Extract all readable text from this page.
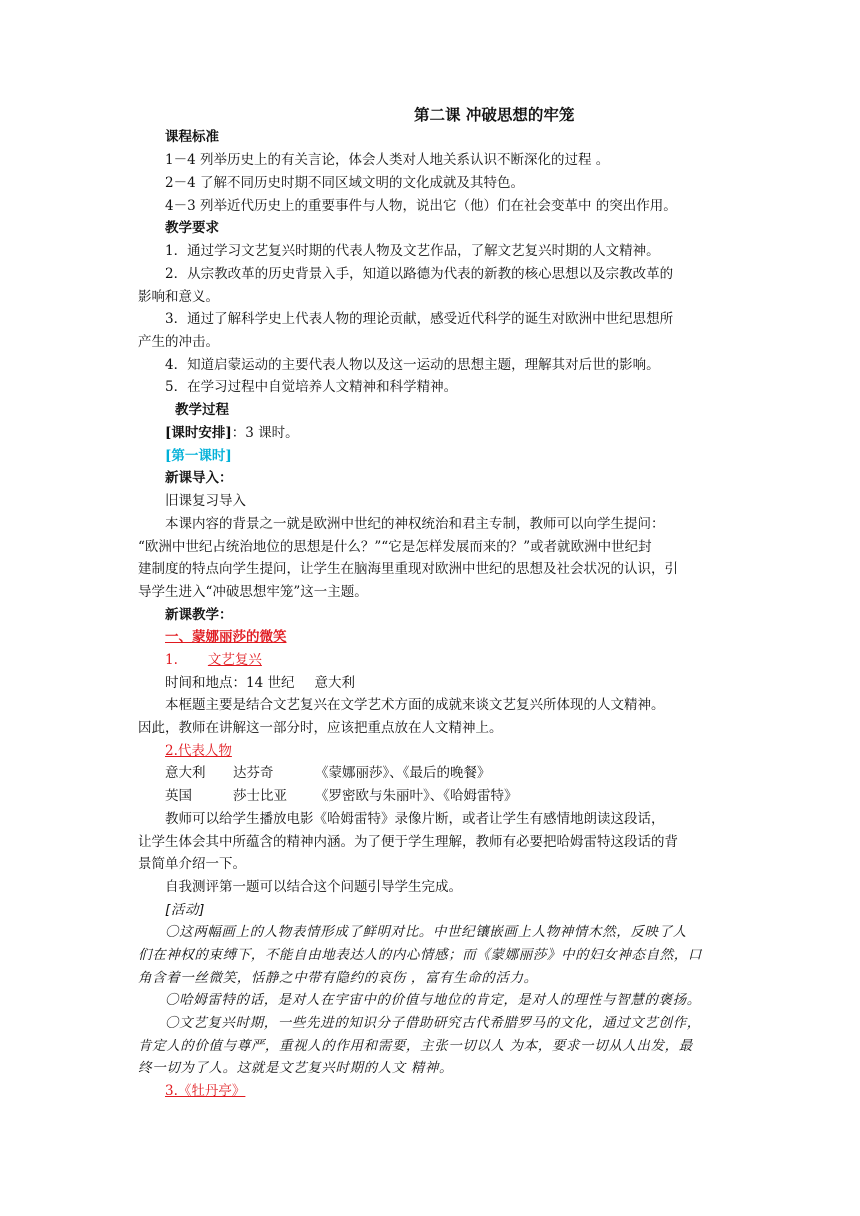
第二课 冲破思想的牢笼
课程标准
1－4 列举历史上的有关言论，体会人类对人地关系认识不断深化的过程 。
2－4 了解不同历史时期不同区域文明的文化成就及其特色。
4－3 列举近代历史上的重要事件与人物，说出它（他）们在社会变革中 的突出作用。
教学要求
1．通过学习文艺复兴时期的代表人物及文艺作品，了解文艺复兴时期的人文精神。
2．从宗教改革的历史背景入手，知道以路德为代表的新教的核心思想以及宗教改革的
影响和意义。
3．通过了解科学史上代表人物的理论贡献，感受近代科学的诞生对欧洲中世纪思想所
产生的冲击。
4．知道启蒙运动的主要代表人物以及这一运动的思想主题，理解其对后世的影响。
5．在学习过程中自觉培养人文精神和科学精神。
教学过程
[课时安排]：3 课时。
[第一课时]
新课导入：
旧课复习导入
本课内容的背景之一就是欧洲中世纪的神权统治和君主专制，教师可以向学生提问：
“欧洲中世纪占统治地位的思想是什么？”“它是怎样发展而来的？”或者就欧洲中世纪封
建制度的特点向学生提问，让学生在脑海里重现对欧洲中世纪的思想及社会状况的认识，引
导学生进入“冲破思想牢笼”这一主题。
新课教学：
一、蒙娜丽莎的微笑
1. 文艺复兴
时间和地点：14 世纪 意大利
本框题主要是结合文艺复兴在文学艺术方面的成就来谈文艺复兴所体现的人文精神。
因此，教师在讲解这一部分时，应该把重点放在人文精神上。
2.代表人物
意大利 达芬奇	《蒙娜丽莎》、《最后的晚餐》
英国	莎士比亚 《罗密欧与朱丽叶》、《哈姆雷特》
教师可以给学生播放电影《哈姆雷特》录像片断，或者让学生有感情地朗读这段话，
让学生体会其中所蕴含的精神内涵。为了便于学生理解，教师有必要把哈姆雷特这段话的背
景简单介绍一下。
自我测评第一题可以结合这个问题引导学生完成。
[活动]
〇这两幅画上的人物表情形成了鲜明对比。中世纪镶嵌画上人物神情木然，反映了人
们在神权的束缚下，不能自由地表达人的内心情感；而《蒙娜丽莎》中的妇女神态自然，口
角含着一丝微笑，恬静之中带有隐约的哀伤 ，富有生命的活力。
〇哈姆雷特的话，是对人在宇宙中的价值与地位的肯定，是对人的理性与智慧的褒扬。
〇文艺复兴时期，一些先进的知识分子借助研究古代希腊罗马的文化，通过文艺创作，
肯定人的价值与尊严，重视人的作用和需要，主张一切以人 为本，要求一切从人出发，最
终一切为了人。这就是文艺复兴时期的人文 精神。
3.《牡丹亭》
